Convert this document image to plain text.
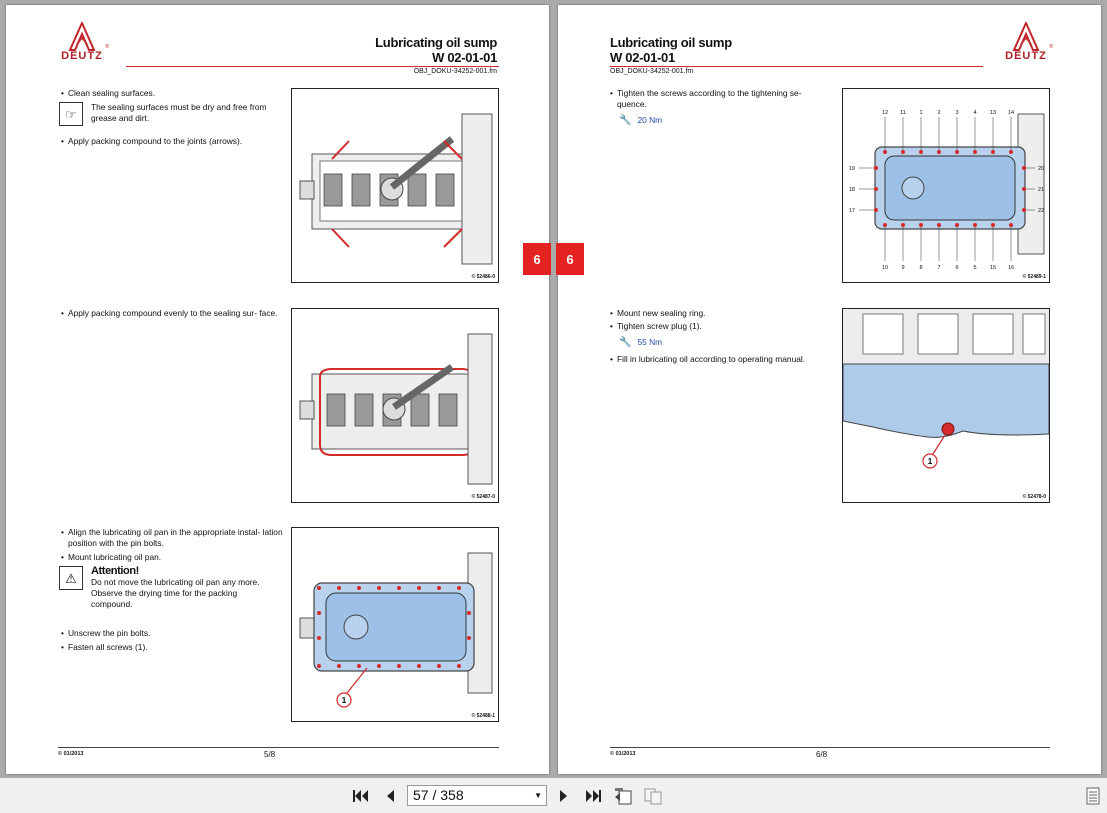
DEUTZ
®	Lubricating oil sump
W 02-01-01
OBJ_DOKU-34252-001.fm
• Clean sealing surfaces.
☞	The sealing surfaces must be dry and free from grease and dirt.
• Apply packing compound to the joints (arrows).
© 52486-0
• Apply packing compound evenly to the sealing sur- face.
© 52487-0
• Align the lubricating oil pan in the appropriate instal- lation position with the pin bolts.
• Mount lubricating oil pan.
⚠	Attention!
Do not move the lubricating oil pan any more.
Observe the drying time for the packing compound.
• Unscrew the pin bolts.
• Fasten all screws (1).
1
© 52488-1
© 01/2013	5/8
Lubricating oil sump
W 02-01-01
OBJ_DOKU-34252-001.fm
DEUTZ
®
• Tighten the screws according to the tightening se- quence.
🔧 20 Nm
12 11 1	2	3	4 13 14
10 9	8	7	6	5 15 16
19
18
17
20
21
22
© 52489-1
• Mount new sealing ring.
• Tighten screw plug (1).
🔧 55 Nm
• Fill in lubricating oil according to operating manual.
1
© 52478-0
© 01/2013	6/8
6	6
57 / 358	▼
